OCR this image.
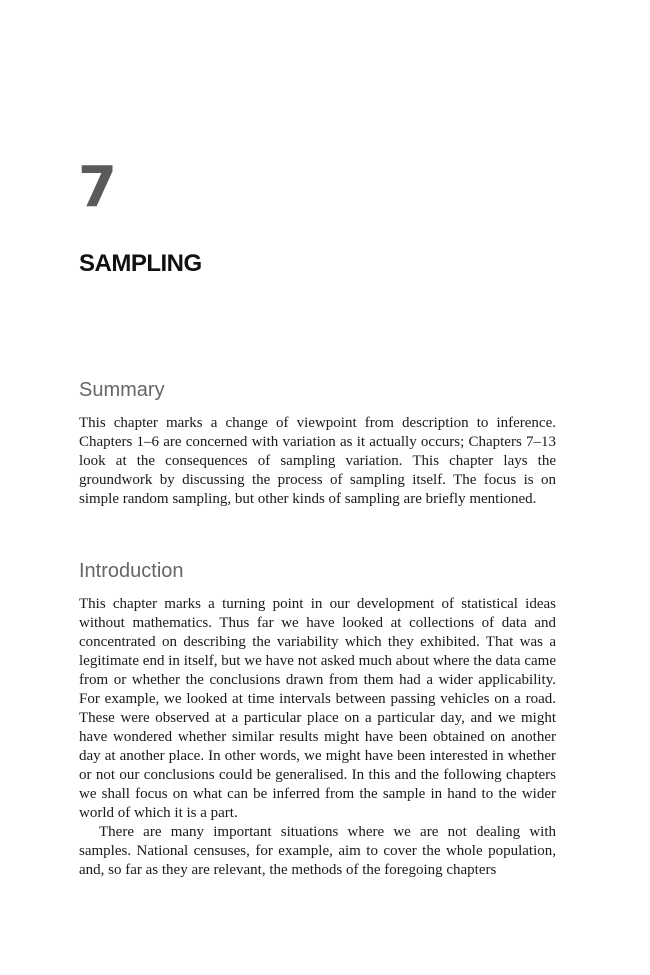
7
SAMPLING
Summary

This chapter marks a change of viewpoint from description to inference. Chapters 1–6 are concerned with variation as it actually occurs; Chapters 7–13 look at the consequences of sampling variation. This chapter lays the groundwork by discussing the process of sampling itself. The focus is on simple random sampling, but other kinds of sampling are briefly mentioned.

Introduction

This chapter marks a turning point in our development of statistical ideas without mathematics. Thus far we have looked at collections of data and concentrated on describing the variability which they exhibited. That was a legitimate end in itself, but we have not asked much about where the data came from or whether the conclusions drawn from them had a wider applicability. For example, we looked at time intervals between passing vehicles on a road. These were observed at a particular place on a particular day, and we might have wondered whether similar results might have been obtained on another day at another place. In other words, we might have been interested in whether or not our conclusions could be generalised. In this and the following chapters we shall focus on what can be inferred from the sample in hand to the wider world of which it is a part.

There are many important situations where we are not dealing with samples. National censuses, for example, aim to cover the whole population, and, so far as they are relevant, the methods of the foregoing chapters
